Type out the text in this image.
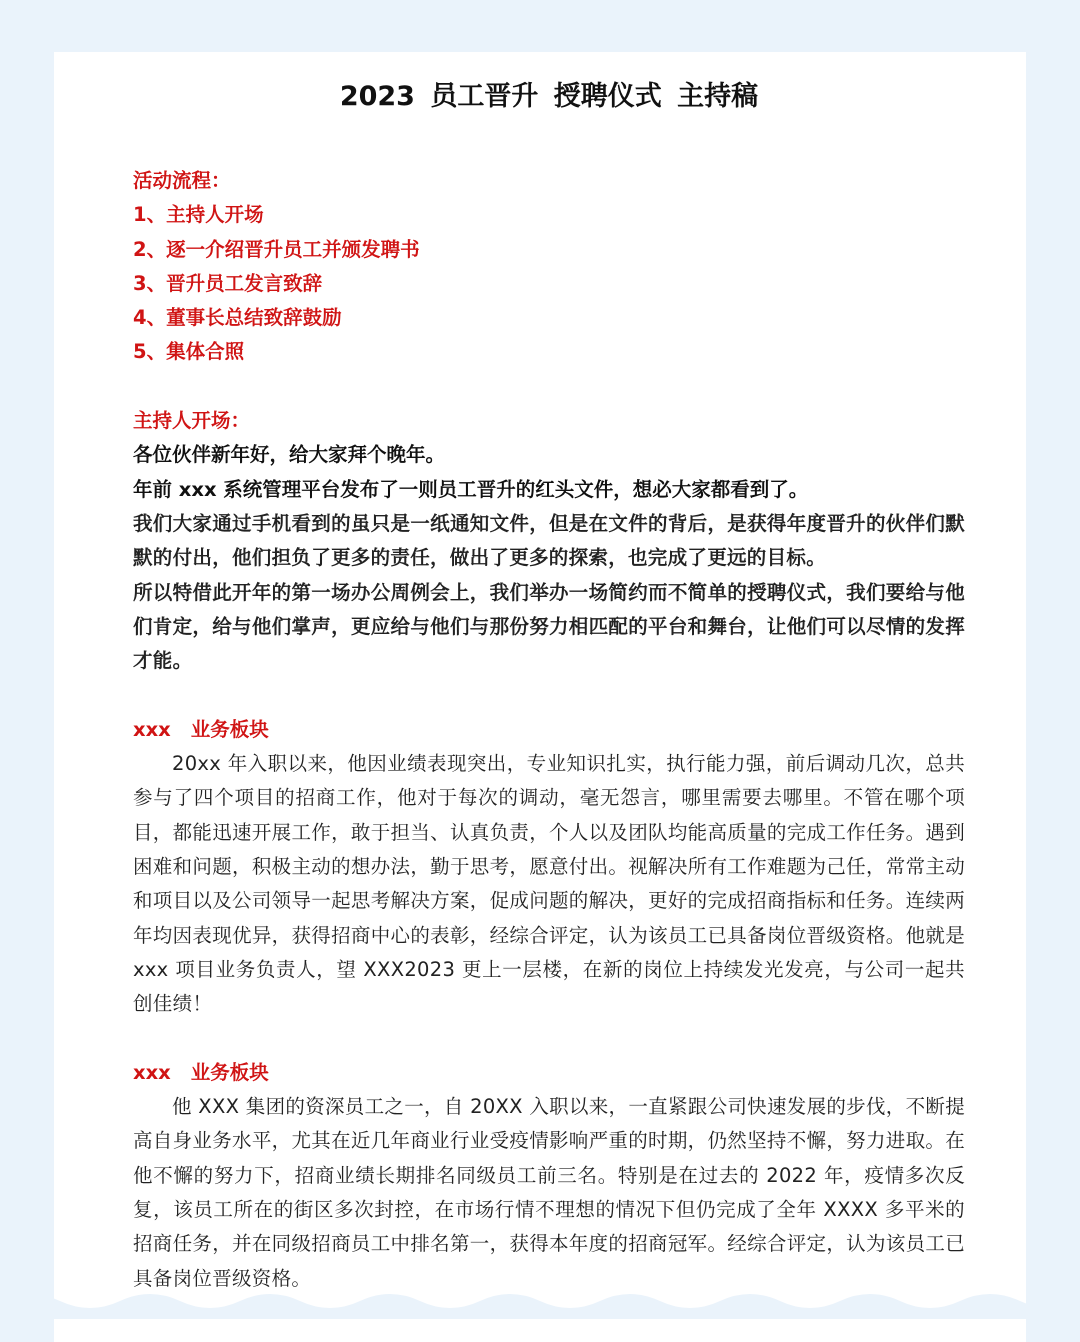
2023 员工晋升 授聘仪式 主持稿
活动流程：
1、主持人开场
2、逐一介绍晋升员工并颁发聘书
3、晋升员工发言致辞
4、董事长总结致辞鼓励
5、集体合照
主持人开场：
各位伙伴新年好，给大家拜个晚年。
年前 xxx 系统管理平台发布了一则员工晋升的红头文件，想必大家都看到了。
我们大家通过手机看到的虽只是一纸通知文件，但是在文件的背后，是获得年度晋升的伙伴们默默的付出，他们担负了更多的责任，做出了更多的探索，也完成了更远的目标。
所以特借此开年的第一场办公周例会上，我们举办一场简约而不简单的授聘仪式，我们要给与他们肯定，给与他们掌声，更应给与他们与那份努力相匹配的平台和舞台，让他们可以尽情的发挥才能。
xxx 业务板块
20xx 年入职以来，他因业绩表现突出，专业知识扎实，执行能力强，前后调动几次，总共参与了四个项目的招商工作，他对于每次的调动，毫无怨言，哪里需要去哪里。不管在哪个项目，都能迅速开展工作，敢于担当、认真负责，个人以及团队均能高质量的完成工作任务。遇到困难和问题，积极主动的想办法，勤于思考，愿意付出。视解决所有工作难题为己任，常常主动和项目以及公司领导一起思考解决方案，促成问题的解决，更好的完成招商指标和任务。连续两年均因表现优异，获得招商中心的表彰，经综合评定，认为该员工已具备岗位晋级资格。他就是 xxx 项目业务负责人，望 XXX2023 更上一层楼，在新的岗位上持续发光发亮，与公司一起共创佳绩！
xxx 业务板块
他 XXX 集团的资深员工之一，自 20XX 入职以来，一直紧跟公司快速发展的步伐，不断提高自身业务水平，尤其在近几年商业行业受疫情影响严重的时期，仍然坚持不懈，努力进取。在他不懈的努力下，招商业绩长期排名同级员工前三名。特别是在过去的 2022 年，疫情多次反复，该员工所在的街区多次封控，在市场行情不理想的情况下但仍完成了全年 XXXX 多平米的招商任务，并在同级招商员工中排名第一，获得本年度的招商冠军。经综合评定，认为该员工已具备岗位晋级资格。
